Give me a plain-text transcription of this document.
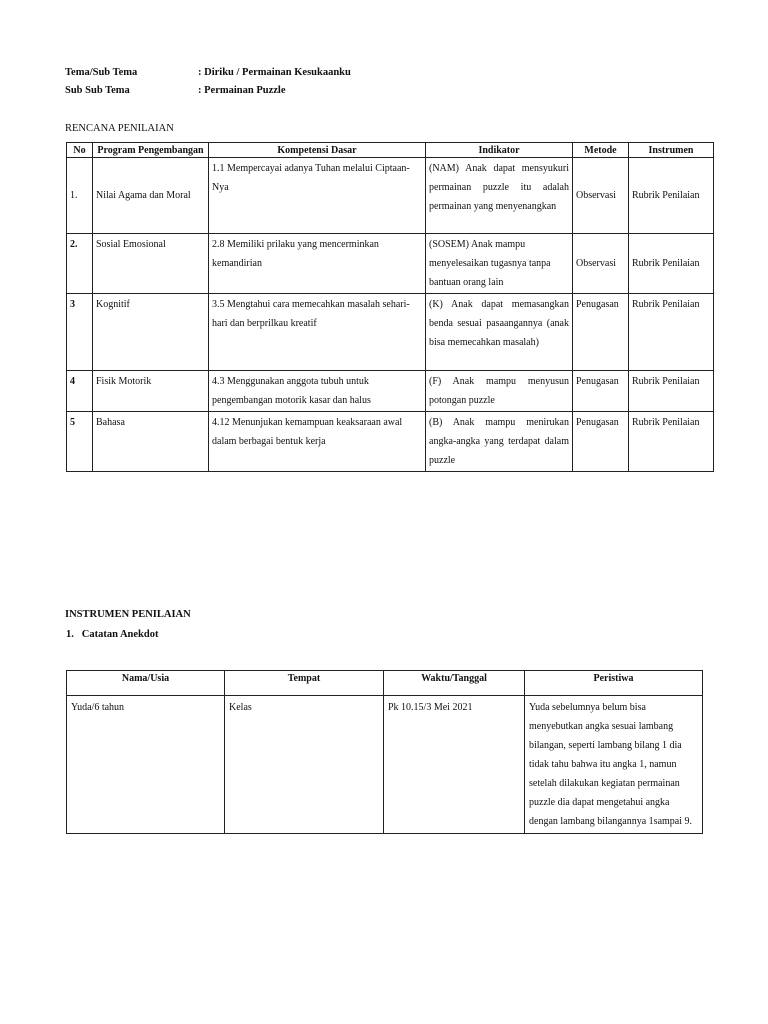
Tema/Sub Tema	: Diriku / Permainan Kesukaanku
Sub Sub Tema	: Permainan Puzzle
RENCANA PENILAIAN
No	Program Pengembangan	Kompetensi Dasar	Indikator	Metode	Instrumen
1.	Nilai Agama dan Moral	1.1 Mempercayai adanya Tuhan melalui Ciptaan-Nya	(NAM) Anak dapat mensyukuri permainan puzzle itu adalah permainan yang menyenangkan	Observasi	Rubrik Penilaian
2.	Sosial Emosional	2.8 Memiliki prilaku yang mencerminkan kemandirian	(SOSEM) Anak mampu menyelesaikan tugasnya tanpa bantuan orang lain	Observasi	Rubrik Penilaian
3	Kognitif	3.5 Mengtahui cara memecahkan masalah sehari-hari dan berprilkau kreatif	(K) Anak dapat memasangkan benda sesuai pasaangannya (anak bisa memecahkan masalah)	Penugasan	Rubrik Penilaian
4	Fisik Motorik	4.3 Menggunakan anggota tubuh untuk pengembangan motorik kasar dan halus	(F) Anak mampu menyusun potongan puzzle	Penugasan	Rubrik Penilaian
5	Bahasa	4.12 Menunjukan kemampuan keaksaraan awal dalam berbagai bentuk kerja	(B) Anak mampu menirukan angka-angka yang terdapat dalam puzzle	Penugasan	Rubrik Penilaian
INSTRUMEN PENILAIAN
1.   Catatan Anekdot
Nama/Usia	Tempat	Waktu/Tanggal	Peristiwa
Yuda/6 tahun	Kelas	Pk 10.15/3 Mei 2021	Yuda sebelumnya belum bisa menyebutkan angka sesuai lambang bilangan, seperti lambang bilang 1 dia tidak tahu bahwa itu angka 1, namun setelah dilakukan kegiatan permainan puzzle dia dapat mengetahui angka dengan lambang bilangannya 1sampai 9.
